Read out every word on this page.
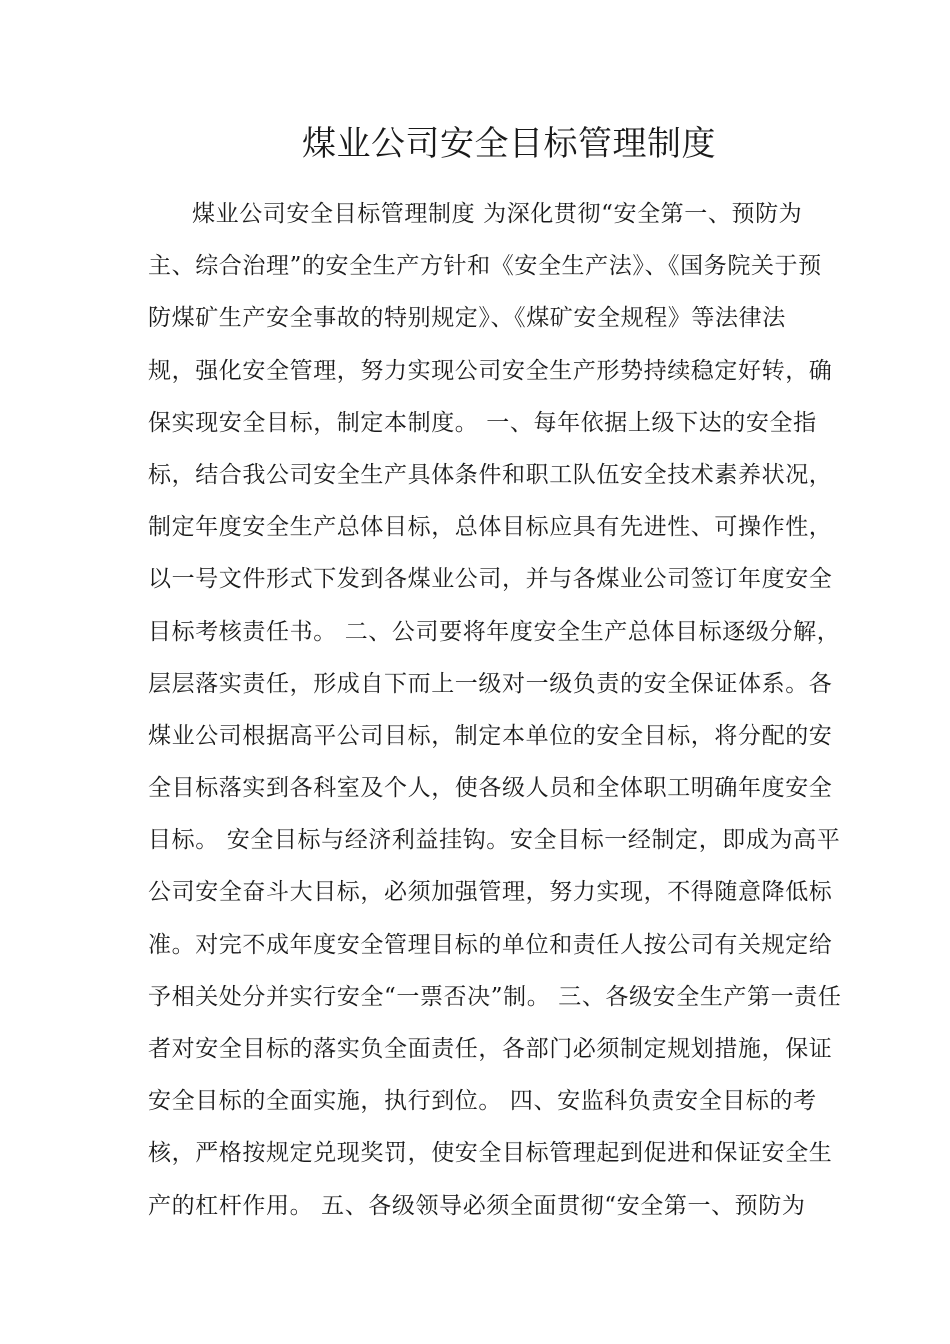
煤业公司安全目标管理制度
煤业公司安全目标管理制度 为深化贯彻“安全第一、预防为
主、综合治理”的安全生产方针和《安全生产法》、《国务院关于预
防煤矿生产安全事故的特别规定》、《煤矿安全规程》等法律法
规，强化安全管理，努力实现公司安全生产形势持续稳定好转，确
保实现安全目标，制定本制度。 一、每年依据上级下达的安全指
标，结合我公司安全生产具体条件和职工队伍安全技术素养状况，
制定年度安全生产总体目标，总体目标应具有先进性、可操作性，
以一号文件形式下发到各煤业公司，并与各煤业公司签订年度安全
目标考核责任书。 二、公司要将年度安全生产总体目标逐级分解，
层层落实责任，形成自下而上一级对一级负责的安全保证体系。各
煤业公司根据高平公司目标，制定本单位的安全目标，将分配的安
全目标落实到各科室及个人，使各级人员和全体职工明确年度安全
目标。 安全目标与经济利益挂钩。安全目标一经制定，即成为高平
公司安全奋斗大目标，必须加强管理，努力实现，不得随意降低标
准。对完不成年度安全管理目标的单位和责任人按公司有关规定给
予相关处分并实行安全“一票否决”制。 三、各级安全生产第一责任
者对安全目标的落实负全面责任，各部门必须制定规划措施，保证
安全目标的全面实施，执行到位。 四、安监科负责安全目标的考
核，严格按规定兑现奖罚，使安全目标管理起到促进和保证安全生
产的杠杆作用。 五、各级领导必须全面贯彻“安全第一、预防为
